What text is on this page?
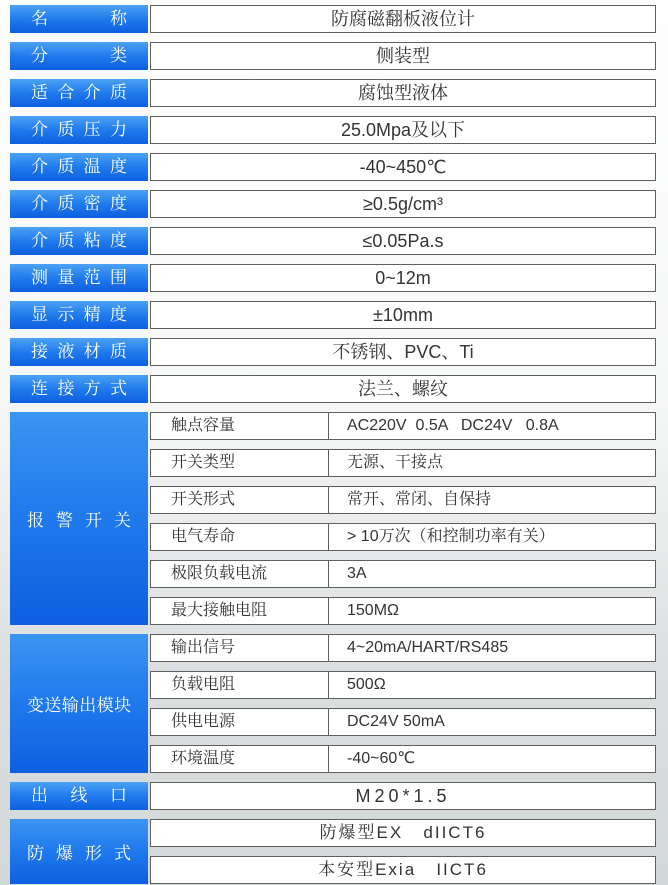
名称	防腐磁翻板液位计
分类	侧装型
适合介质	腐蚀型液体
介质压力	25.0Mpa及以下
介质温度	-40~450℃
介质密度	≥0.5g/cm³
介质粘度	≤0.05Pa.s
测量范围	0~12m
显示精度	±10mm
接液材质	不锈钢、PVC、Ti
连接方式	法兰、螺纹
报警开关
触点容量	AC220V  0.5A   DC24V   0.8A
开关类型	无源、干接点
开关形式	常开、常闭、自保持
电气寿命	> 10万次（和控制功率有关）
极限负载电流	3A
最大接触电阻	150MΩ
变送输出模块
输出信号	4~20mA/HART/RS485
负载电阻	500Ω
供电电源	DC24V 50mA
环境温度	-40~60℃
出线口	M20*1.5
防爆形式
防爆型EX   dIICT6
本安型Exia   IICT6
